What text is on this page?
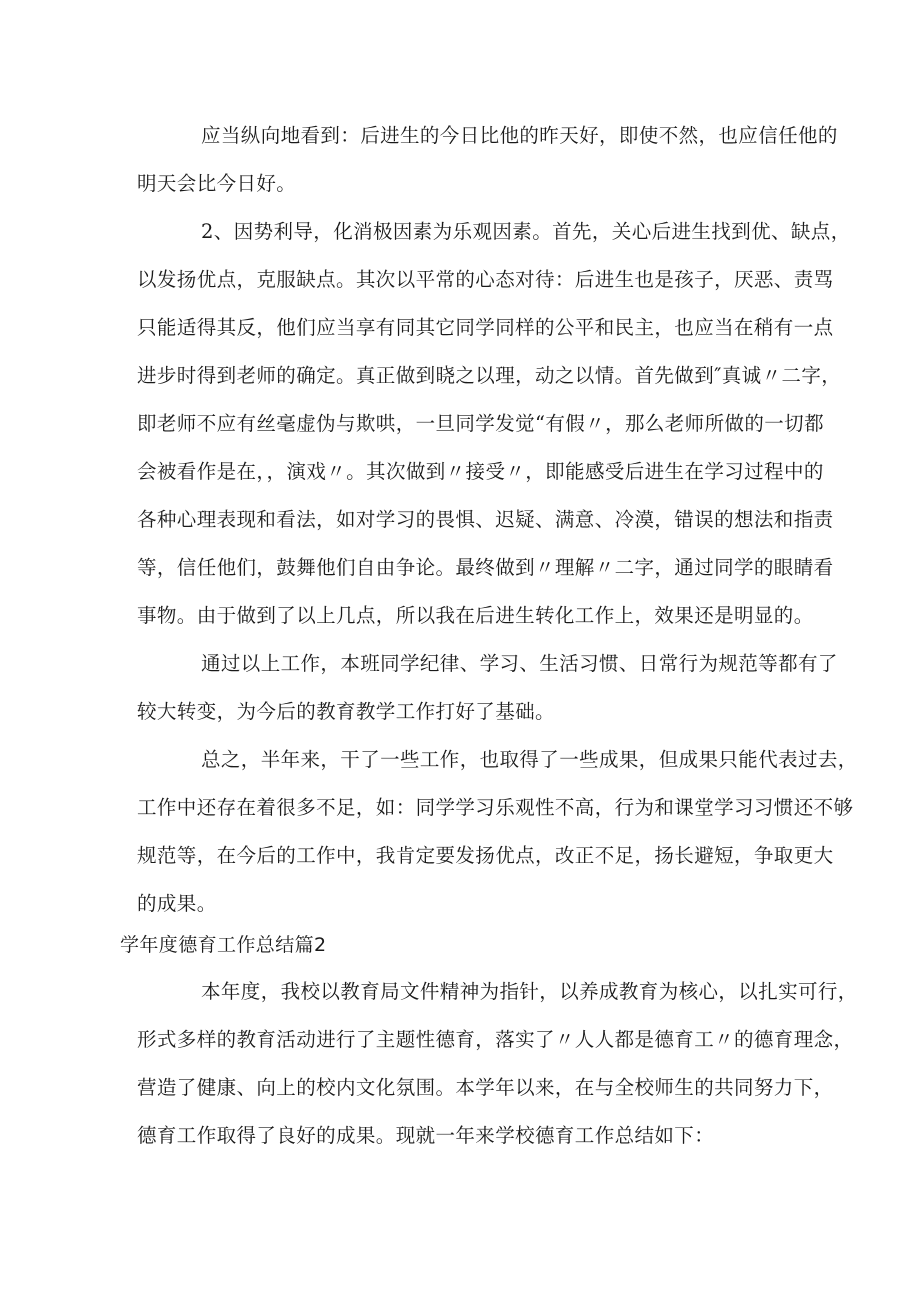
应当纵向地看到：后进生的今日比他的昨天好，即使不然，也应信任他的
明天会比今日好。
2、因势利导，化消极因素为乐观因素。首先，关心后进生找到优、缺点，
以发扬优点，克服缺点。其次以平常的心态对待：后进生也是孩子，厌恶、责骂
只能适得其反，他们应当享有同其它同学同样的公平和民主，也应当在稍有一点
进步时得到老师的确定。真正做到晓之以理，动之以情。首先做到″真诚〃二字，
即老师不应有丝毫虚伪与欺哄，一旦同学发觉“有假〃，那么老师所做的一切都
会被看作是在，，演戏〃。其次做到〃接受〃，即能感受后进生在学习过程中的
各种心理表现和看法，如对学习的畏惧、迟疑、满意、冷漠，错误的想法和指责
等，信任他们，鼓舞他们自由争论。最终做到〃理解〃二字，通过同学的眼睛看
事物。由于做到了以上几点，所以我在后进生转化工作上，效果还是明显的。
通过以上工作，本班同学纪律、学习、生活习惯、日常行为规范等都有了
较大转变，为今后的教育教学工作打好了基础。
总之，半年来，干了一些工作，也取得了一些成果，但成果只能代表过去，
工作中还存在着很多不足，如：同学学习乐观性不高，行为和课堂学习习惯还不够
规范等，在今后的工作中，我肯定要发扬优点，改正不足，扬长避短，争取更大
的成果。
学年度德育工作总结篇2
本年度，我校以教育局文件精神为指针，以养成教育为核心，以扎实可行，
形式多样的教育活动进行了主题性德育，落实了〃人人都是德育工〃的德育理念，
营造了健康、向上的校内文化氛围。本学年以来，在与全校师生的共同努力下，
德育工作取得了良好的成果。现就一年来学校德育工作总结如下：
